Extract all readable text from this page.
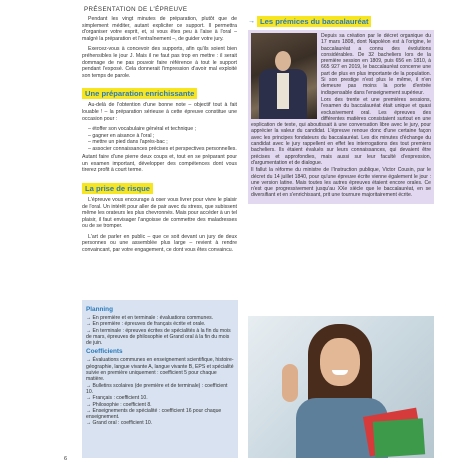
PRÉSENTATION DE L'ÉPREUVE

Pendant les vingt minutes de préparation, plutôt que de simplement méditer, autant expliciter ce support. Il permettra d'organiser votre esprit, et, si vous êtes peu à l'aise à l'oral – malgré la préparation et l'entraînement –, de guider votre jury.

Exercez-vous à concevoir des supports, afin qu'ils soient bien préhensibles le jour J. Mais il ne faut pas trop en mettre : il serait dommage de ne pas pouvoir faire référence à tout le support pendant l'exposé. Cela donnerait l'impression d'avoir mal exploité son temps de parole.

Une préparation enrichissante

Au-delà de l'obtention d'une bonne note – objectif tout à fait louable ! – la préparation sérieuse à cette épreuve constitue une occasion pour :

– étoffer son vocabulaire général et technique ;
– gagner en aisance à l'oral ;
– mettre un pied dans l'après-bac ;
– associer connaissances précises et perspectives personnelles.

Autant faire d'une pierre deux coups et, tout en se préparant pour un examen important, développer des compétences dont vous tirerez profit à court terme.

La prise de risque

L'épreuve vous encourage à oser vous livrer pour vivre le plaisir de l'oral. Un intérêt pour aller de pair avec du stress, que subissent même les orateurs les plus chevronnés. Mais pour accéder à un tel plaisir, il faut envisager l'angoisse de commettre des maladresses ou de se tromper.

L'art de parler en public – que ce soit devant un jury de deux personnes ou une assemblée plus large – revient à rendre convaincant, par votre engagement, ce dont vous êtes convaincu.

→ Les prémices du baccalauréat

Depuis sa création par le décret organique du 17 mars 1808, dont Napoléon est à l'origine, le baccalauréat a connu des évolutions considérables. De 32 bacheliers lors de la première session en 1809, puis 656 en 1810, à 665 927 en 2019, le baccalauréat concerne une part de plus en plus importante de la population. Si son prestige n'est plus le même, il n'en demeure pas moins la porte d'entrée indispensable dans l'enseignement supérieur.

Lors des trente et une premières sessions, l'examen du baccalauréat était unique et quasi exclusivement oral. Les épreuves des différentes matières consistaient surtout en une explication de texte, qui aboutissait à une conversation libre avec le jury, pour apprécier la valeur du candidat. L'épreuve renoue donc d'une certaine façon avec les principes fondateurs du baccalauréat. Les dix minutes d'échange du candidat avec le jury rappellent en effet les interrogations des tout premiers bacheliers. Ils étaient évalués sur leurs connaissances, qui devaient être précises et approfondies, mais aussi sur leur faculté d'expression, d'argumentation et de dialogue.

Il fallut la réforme du ministre de l'Instruction publique, Victor Cousin, par le décret du 14 juillet 1840, pour qu'une épreuve écrite vienne également le jour : une version latine. Mais toutes les autres épreuves étaient encore orales. Ce n'est que progressivement jusqu'au XXe siècle que le baccalauréat, en se diversifiant et en s'enrichissant, prit une tournure majoritairement écrite.

Planning

→ En première et en terminale : évaluations communes.

→ En première : épreuves de français écrite et orale.

→ En terminale : épreuves écrites de spécialités à la fin du mois de mars, épreuves de philosophie et Grand oral à la fin du mois de juin.

Coefficients

→ Évaluations communes en enseignement scientifique, histoire-géographie, langue vivante A, langue vivante B, EPS et spécialité suivie en première uniquement : coefficient 5 pour chaque matière.

→ Bulletins scolaires (de première et de terminale) : coefficient 10.

→ Français : coefficient 10.

→ Philosophie : coefficient 8.

→ Enseignements de spécialité : coefficient 16 pour chaque enseignement.

→ Grand oral : coefficient 10.

6
